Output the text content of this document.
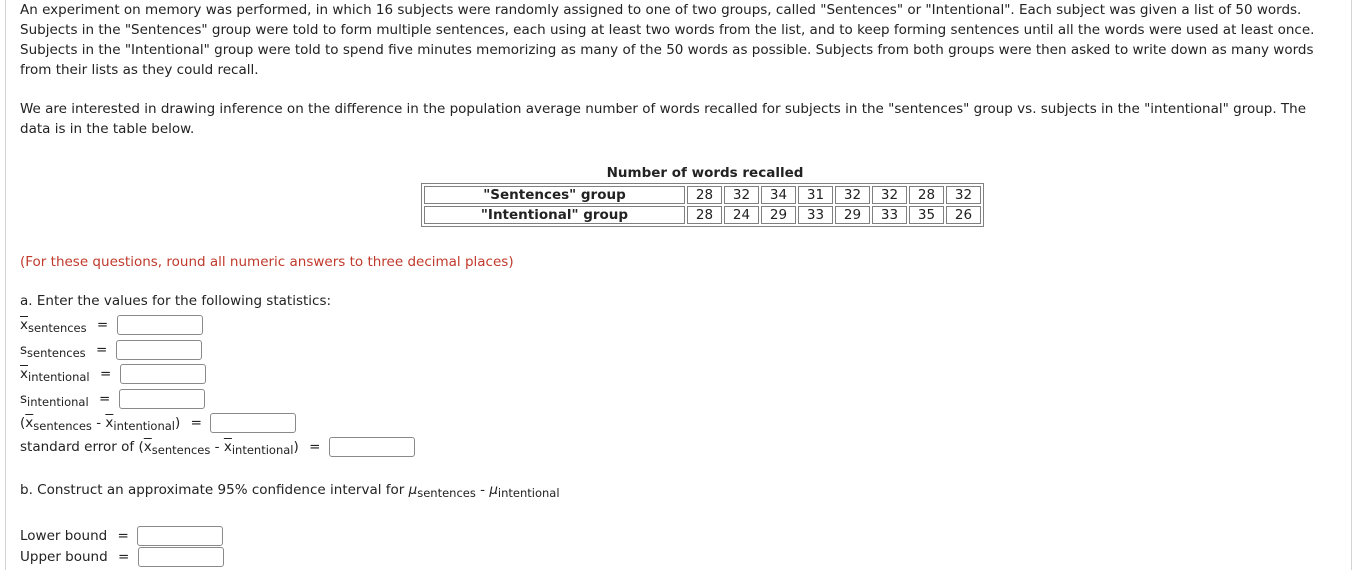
An experiment on memory was performed, in which 16 subjects were randomly assigned to one of two groups, called "Sentences" or "Intentional". Each subject was given a list of 50 words. Subjects in the "Sentences" group were told to form multiple sentences, each using at least two words from the list, and to keep forming sentences until all the words were used at least once. Subjects in the "Intentional" group were told to spend five minutes memorizing as many of the 50 words as possible. Subjects from both groups were then asked to write down as many words from their lists as they could recall.

We are interested in drawing inference on the difference in the population average number of words recalled for subjects in the "sentences" group vs. subjects in the "intentional" group. The data is in the table below.

Number of words recalled
"Sentences" group	28	32	34	31	32	32	28	32
"Intentional" group	28	24	29	33	29	33	35	26
(For these questions, round all numeric answers to three decimal places)
a. Enter the values for the following statistics:
$\overline{x}_{sentences}$ =
$s_{sentences}$ =
$\overline{x}_{intentional}$ =
$s_{intentional}$ =
$(\overline{x}_{sentences} - \overline{x}_{intentional})$ =
standard error of $(\overline{x}_{sentences} - \overline{x}_{intentional})$ =
b. Construct an approximate 95% confidence interval for $\mu_{sentences} - \mu_{intentional}$
Lower bound =
Upper bound =
